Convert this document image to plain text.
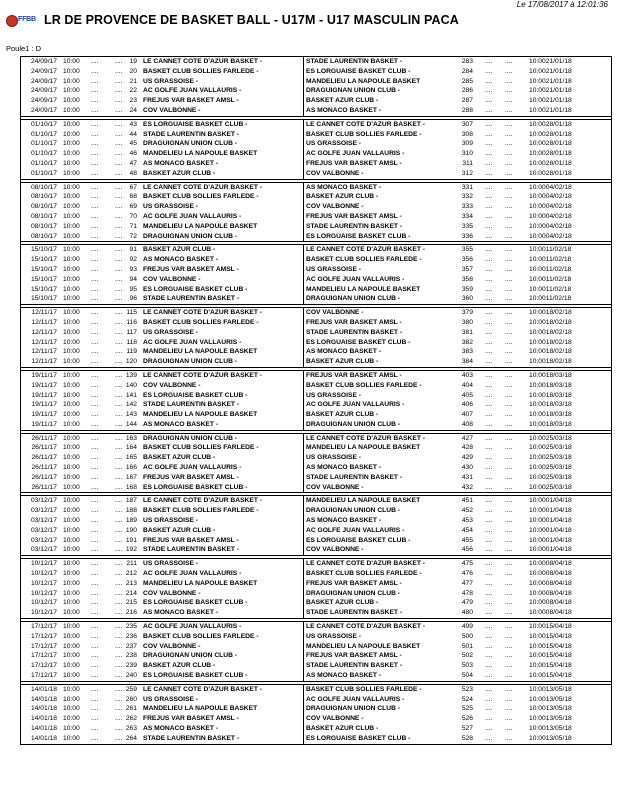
Le 17/08/2017 à 12:01:36
FFBB LR DE PROVENCE DE BASKET BALL - U17M - U17 MASCULIN PACA
Poule1 : D
24/09/17 10:00 .... ....	19 LE CANNET COTE D'AZUR BASKET -	STADE LAURENTIN BASKET -	283 .... .... 10:0021/01/18
24/09/17 10:00 .... ....	20 BASKET CLUB SOLLIES FARLEDE -	ES LORGUAISE BASKET CLUB -	284 .... .... 10:0021/01/18
24/09/17 10:00 .... ....	21 US GRASSOISE -	MANDELIEU LA NAPOULE BASKET	285 .... .... 10:0021/01/18
24/09/17 10:00 .... ....	22 AC GOLFE JUAN VALLAURIS -	DRAGUIGNAN UNION CLUB -	286 .... .... 10:0021/01/18
24/09/17 10:00 .... ....	23 FREJUS VAR BASKET AMSL -	BASKET AZUR CLUB -	287 .... .... 10:0021/01/18
24/09/17 10:00 .... ....	24 COV VALBONNE -	AS MONACO BASKET -	288 .... .... 10:0021/01/18
01/10/17 10:00 .... ....	43 ES LORGUAISE BASKET CLUB -	LE CANNET COTE D'AZUR BASKET -	307 .... .... 10:0028/01/18
01/10/17 10:00 .... ....	44 STADE LAURENTIN BASKET -	BASKET CLUB SOLLIES FARLEDE -	308 .... .... 10:0028/01/18
01/10/17 10:00 .... ....	45 DRAGUIGNAN UNION CLUB -	US GRASSOISE -	309 .... .... 10:0028/01/18
01/10/17 10:00 .... ....	46 MANDELIEU LA NAPOULE BASKET	AC GOLFE JUAN VALLAURIS -	310 .... .... 10:0028/01/18
01/10/17 10:00 .... ....	47 AS MONACO BASKET -	FREJUS VAR BASKET AMSL -	311 .... .... 10:0028/01/18
01/10/17 10:00 .... ....	48 BASKET AZUR CLUB -	COV VALBONNE -	312 .... .... 10:0028/01/18
08/10/17 10:00 .... ....	67 LE CANNET COTE D'AZUR BASKET -	AS MONACO BASKET -	331 .... .... 10:0004/02/18
08/10/17 10:00 .... ....	68 BASKET CLUB SOLLIES FARLEDE -	BASKET AZUR CLUB -	332 .... .... 10:0004/02/18
08/10/17 10:00 .... ....	69 US GRASSOISE -	COV VALBONNE -	333 .... .... 10:0004/02/18
08/10/17 10:00 .... ....	70 AC GOLFE JUAN VALLAURIS -	FREJUS VAR BASKET AMSL -	334 .... .... 10:0004/02/18
08/10/17 10:00 .... ....	71 MANDELIEU LA NAPOULE BASKET	STADE LAURENTIN BASKET -	335 .... .... 10:0004/02/18
08/10/17 10:00 .... ....	72 DRAGUIGNAN UNION CLUB -	ES LORGUAISE BASKET CLUB -	336 .... .... 10:0004/02/18
15/10/17 10:00 .... ....	91 BASKET AZUR CLUB -	LE CANNET COTE D'AZUR BASKET -	355 .... .... 10:0011/02/18
15/10/17 10:00 .... ....	92 AS MONACO BASKET -	BASKET CLUB SOLLIES FARLEDE -	356 .... .... 10:0011/02/18
15/10/17 10:00 .... ....	93 FREJUS VAR BASKET AMSL -	US GRASSOISE -	357 .... .... 10:0011/02/18
15/10/17 10:00 .... ....	94 COV VALBONNE -	AC GOLFE JUAN VALLAURIS -	358 .... .... 10:0011/02/18
15/10/17 10:00 .... ....	95 ES LORGUAISE BASKET CLUB -	MANDELIEU LA NAPOULE BASKET	359 .... .... 10:0011/02/18
15/10/17 10:00 .... ....	96 STADE LAURENTIN BASKET -	DRAGUIGNAN UNION CLUB -	360 .... .... 10:0011/02/18
12/11/17 10:00 .... .... 115 LE CANNET COTE D'AZUR BASKET -	COV VALBONNE -	379 .... .... 10:0018/02/18
12/11/17 10:00 .... .... 116 BASKET CLUB SOLLIES FARLEDE -	FREJUS VAR BASKET AMSL -	380 .... .... 10:0018/02/18
12/11/17 10:00 .... .... 117 US GRASSOISE -	STADE LAURENTIN BASKET -	381 .... .... 10:0018/02/18
12/11/17 10:00 .... .... 118 AC GOLFE JUAN VALLAURIS -	ES LORGUAISE BASKET CLUB -	382 .... .... 10:0018/02/18
12/11/17 10:00 .... .... 119 MANDELIEU LA NAPOULE BASKET	AS MONACO BASKET -	383 .... .... 10:0018/02/18
12/11/17 10:00 .... .... 120 DRAGUIGNAN UNION CLUB -	BASKET AZUR CLUB -	384 .... .... 10:0018/02/18
19/11/17 10:00 .... .... 139 LE CANNET COTE D'AZUR BASKET -	FREJUS VAR BASKET AMSL -	403 .... .... 10:0018/03/18
19/11/17 10:00 .... .... 140 COV VALBONNE -	BASKET CLUB SOLLIES FARLEDE -	404 .... .... 10:0018/03/18
19/11/17 10:00 .... .... 141 ES LORGUAISE BASKET CLUB -	US GRASSOISE -	405 .... .... 10:0018/03/18
19/11/17 10:00 .... .... 142 STADE LAURENTIN BASKET -	AC GOLFE JUAN VALLAURIS -	406 .... .... 10:0018/03/18
19/11/17 10:00 .... .... 143 MANDELIEU LA NAPOULE BASKET	BASKET AZUR CLUB -	407 .... .... 10:0018/03/18
19/11/17 10:00 .... .... 144 AS MONACO BASKET -	DRAGUIGNAN UNION CLUB -	408 .... .... 10:0018/03/18
26/11/17 10:00 .... .... 163 DRAGUIGNAN UNION CLUB -	LE CANNET COTE D'AZUR BASKET -	427 .... .... 10:0025/03/18
26/11/17 10:00 .... .... 164 BASKET CLUB SOLLIES FARLEDE -	MANDELIEU LA NAPOULE BASKET	428 .... .... 10:0025/03/18
26/11/17 10:00 .... .... 165 BASKET AZUR CLUB -	US GRASSOISE -	429 .... .... 10:0025/03/18
26/11/17 10:00 .... .... 166 AC GOLFE JUAN VALLAURIS -	AS MONACO BASKET -	430 .... .... 10:0025/03/18
26/11/17 10:00 .... .... 167 FREJUS VAR BASKET AMSL -	STADE LAURENTIN BASKET -	431 .... .... 10:0025/03/18
26/11/17 10:00 .... .... 168 ES LORGUAISE BASKET CLUB -	COV VALBONNE -	432 .... .... 10:0025/03/18
03/12/17 10:00 .... .... 187 LE CANNET COTE D'AZUR BASKET -	MANDELIEU LA NAPOULE BASKET	451 .... .... 10:0001/04/18
03/12/17 10:00 .... .... 188 BASKET CLUB SOLLIES FARLEDE -	DRAGUIGNAN UNION CLUB -	452 .... .... 10:0001/04/18
03/12/17 10:00 .... .... 189 US GRASSOISE -	AS MONACO BASKET -	453 .... .... 10:0001/04/18
03/12/17 10:00 .... .... 190 BASKET AZUR CLUB -	AC GOLFE JUAN VALLAURIS -	454 .... .... 10:0001/04/18
03/12/17 10:00 .... .... 191 FREJUS VAR BASKET AMSL -	ES LORGUAISE BASKET CLUB -	455 .... .... 10:0001/04/18
03/12/17 10:00 .... .... 192 STADE LAURENTIN BASKET -	COV VALBONNE -	456 .... .... 10:0001/04/18
10/12/17 10:00 .... .... 211 US GRASSOISE -	LE CANNET COTE D'AZUR BASKET -	475 .... .... 10:0008/04/18
10/12/17 10:00 .... .... 212 AC GOLFE JUAN VALLAURIS -	BASKET CLUB SOLLIES FARLEDE -	476 .... .... 10:0008/04/18
10/12/17 10:00 .... .... 213 MANDELIEU LA NAPOULE BASKET	FREJUS VAR BASKET AMSL -	477 .... .... 10:0008/04/18
10/12/17 10:00 .... .... 214 COV VALBONNE -	DRAGUIGNAN UNION CLUB -	478 .... .... 10:0008/04/18
10/12/17 10:00 .... .... 215 ES LORGUAISE BASKET CLUB -	BASKET AZUR CLUB -	479 .... .... 10:0008/04/18
10/12/17 10:00 .... .... 216 AS MONACO BASKET -	STADE LAURENTIN BASKET -	480 .... .... 10:0008/04/18
17/12/17 10:00 .... .... 235 AC GOLFE JUAN VALLAURIS -	LE CANNET COTE D'AZUR BASKET -	499 .... .... 10:0015/04/18
17/12/17 10:00 .... .... 236 BASKET CLUB SOLLIES FARLEDE -	US GRASSOISE -	500 .... .... 10:0015/04/18
17/12/17 10:00 .... .... 237 COV VALBONNE -	MANDELIEU LA NAPOULE BASKET	501 .... .... 10:0015/04/18
17/12/17 10:00 .... .... 238 DRAGUIGNAN UNION CLUB -	FREJUS VAR BASKET AMSL -	502 .... .... 10:0015/04/18
17/12/17 10:00 .... .... 239 BASKET AZUR CLUB -	STADE LAURENTIN BASKET -	503 .... .... 10:0015/04/18
17/12/17 10:00 .... .... 240 ES LORGUAISE BASKET CLUB -	AS MONACO BASKET -	504 .... .... 10:0015/04/18
14/01/18 10:00 .... .... 259 LE CANNET COTE D'AZUR BASKET -	BASKET CLUB SOLLIES FARLEDE -	523 .... .... 10:0013/05/18
14/01/18 10:00 .... .... 260 US GRASSOISE -	AC GOLFE JUAN VALLAURIS -	524 .... .... 10:0013/05/18
14/01/18 10:00 .... .... 261 MANDELIEU LA NAPOULE BASKET	DRAGUIGNAN UNION CLUB -	525 .... .... 10:0013/05/18
14/01/18 10:00 .... .... 262 FREJUS VAR BASKET AMSL -	COV VALBONNE -	526 .... .... 10:0013/05/18
14/01/18 10:00 .... .... 263 AS MONACO BASKET -	BASKET AZUR CLUB -	527 .... .... 10:0013/05/18
14/01/18 10:00 .... .... 264 STADE LAURENTIN BASKET -	ES LORGUAISE BASKET CLUB -	528 .... .... 10:0013/05/18
